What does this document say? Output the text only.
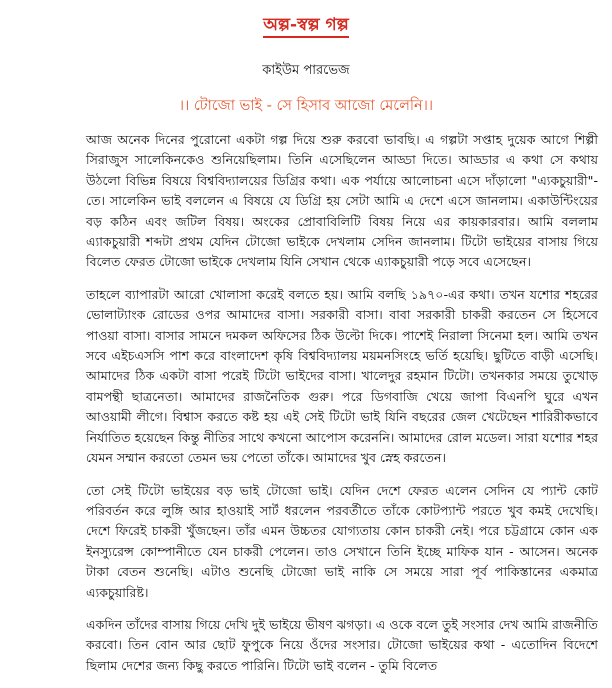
অল্প-স্বল্প গল্প
কাইউম পারভেজ
।। টোজো ভাই - সে হিসাব আজো মেলেনি।।

আজ অনেক দিনের পুরোনো একটা গল্প দিয়ে শুরু করবো ভাবছি। এ গল্পটা সপ্তাহ দুয়েক আগে শিল্পী সিরাজুস সালেকিনকেও শুনিয়েছিলাম। তিনি এসেছিলেন আড্ডা দিতে। আড্ডার এ কথা সে কথায় উঠলো বিভিন্ন বিষয়ে বিশ্ববিদ্যালয়ের ডিগ্রির কথা। এক পর্যায়ে আলোচনা এসে দাঁড়ালো "এ্যকচুয়ারী"-তে। সালেকিন ভাই বললেন এ বিষয়ে যে ডিগ্রি হয় সেটা আমি এ দেশে এসে জানলাম। একাউন্টিংয়ের বড় কঠিন এবং জটিল বিষয়। অংকের প্রোবাবিলিটি বিষয় নিয়ে এর কায়কারবার। আমি বললাম এ্যাকচুয়ারী শব্দটা প্রথম যেদিন টোজো ভাইকে দেখলাম সেদিন জানলাম। টিটো ভাইয়ের বাসায় গিয়ে বিলেত ফেরত টোজো ভাইকে দেখলাম যিনি সেখান থেকে এ্যাকচুয়ারী পড়ে সবে এসেছেন।

তাহলে ব্যাপারটা আরো খোলাসা করেই বলতে হয়। আমি বলছি ১৯৭০-এর কথা। তখন যশোর শহরের ভোলাট্যাংক রোডের ওপর আমাদের বাসা। সরকারী বাসা। বাবা সরকারী চাকরী করতেন সে হিসেবে পাওয়া বাসা। বাসার সামনে দমকল অফিসের ঠিক উল্টো দিকে। পাশেই নিরালা সিনেমা হল। আমি তখন সবে এইচএসসি পাশ করে বাংলাদেশ কৃষি বিশ্ববিদ্যালয় ময়মনসিংহে ভর্তি হয়েছি। ছুটিতে বাড়ী এসেছি। আমাদের ঠিক একটা বাসা পরেই টিটো ভাইদের বাসা। খালেদুর রহমান টিটো। তখনকার সময়ে তুখোড় বামপন্থী ছাত্রনেতা। আমাদের রাজনৈতিক গুরু। পরে ডিগবাজি খেয়ে জাপা বিএনপি ঘুরে এখন আওয়ামী লীগে। বিশ্বাস করতে কষ্ট হয় এই সেই টিটো ভাই যিনি বছরের জেল খেটেছেন শারিরীকভাবে নির্যাতিত হয়েছেন কিন্তু নীতির সাথে কখনো আপোস করেননি। আমাদের রোল মডেল। সারা যশোর শহর যেমন সম্মান করতো তেমন ভয় পেতো তাঁকে। আমাদের খুব স্নেহ করতেন।

তো সেই টিটো ভাইয়ের বড় ভাই টোজো ভাই। যেদিন দেশে ফেরত এলেন সেদিন যে প্যান্ট কোট পরিবর্তন করে লুঙ্গি আর হাওয়াই সার্ট ধরলেন পরবর্তীতে তাঁকে কোটপ্যান্ট পরতে খুব কমই দেখেছি। দেশে ফিরেই চাকরী খুঁজছেন। তাঁর এমন উচ্চতর যোগ্যতায় কোন চাকরী নেই। পরে চট্টগ্রামে কোন এক ইনস্যুরেন্স কোম্পানীতে যেন চাকরী পেলেন। তাও সেখানে তিনি ইচ্ছে মাফিক যান - আসেন। অনেক টাকা বেতন শুনেছি। এটাও শুনেছি টোজো ভাই নাকি সে সময়ে সারা পূর্ব পাকিস্তানের একমাত্র এ্যকচুয়ারিষ্ট।

একদিন তাঁদের বাসায় গিয়ে দেখি দুই ভাইয়ে ভীষণ ঝগড়া। এ ওকে বলে তুই সংসার দেখ আমি রাজনীতি করবো। তিন বোন আর ছোট ফুপুকে নিয়ে ওঁদের সংসার। টোজো ভাইয়ের কথা - এতোদিন বিদেশে ছিলাম দেশের জন্য কিছু করতে পারিনি। টিটো ভাই বলেন - তুমি বিলেত
